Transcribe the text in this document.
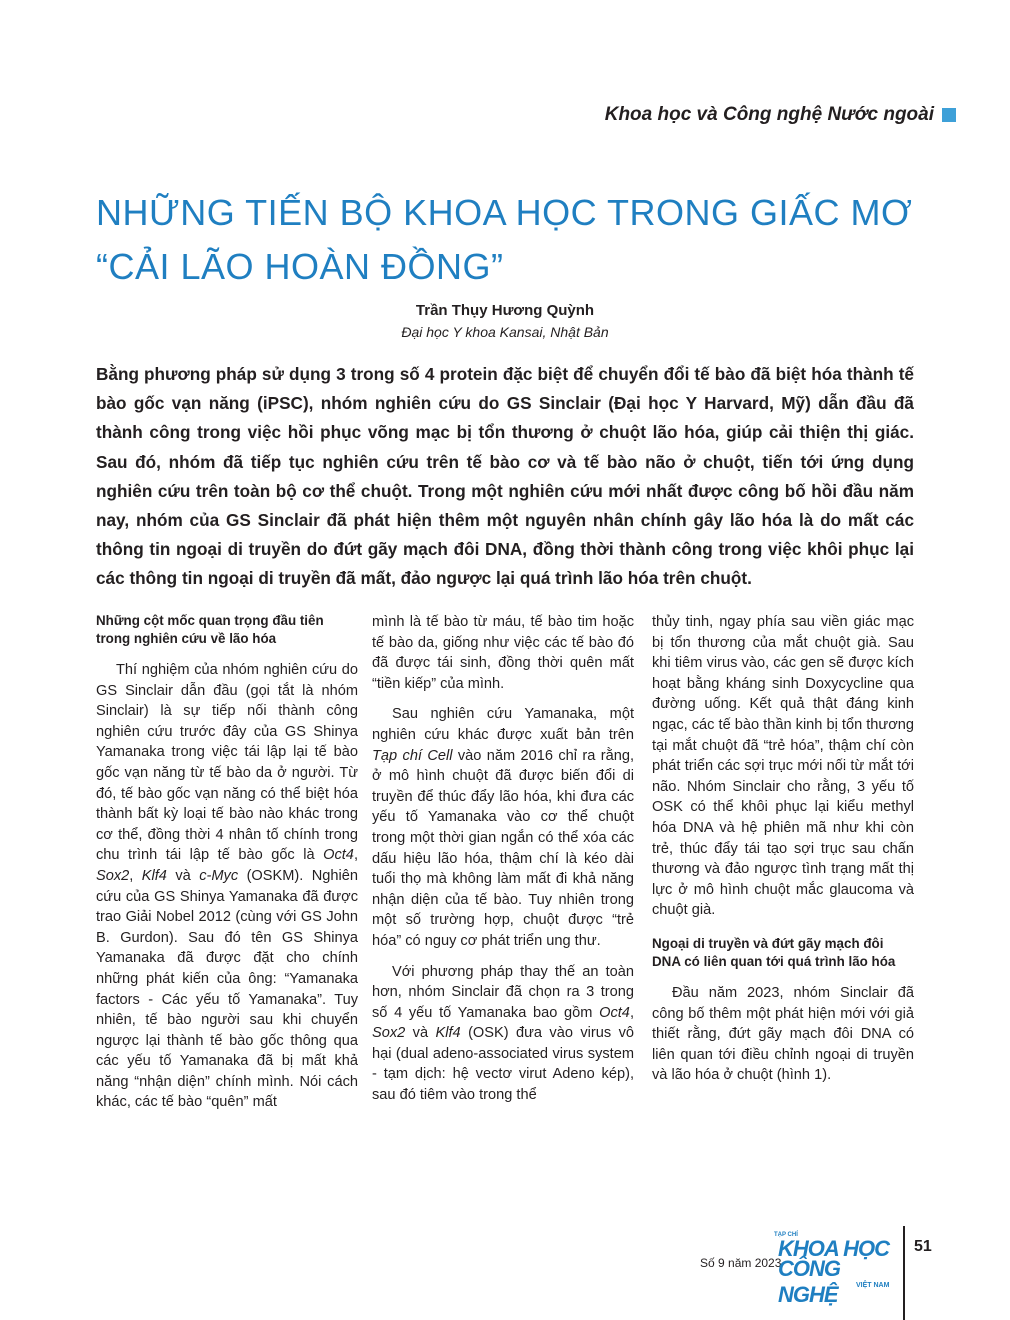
Khoa học và Công nghệ Nước ngoài
NHỮNG TIẾN BỘ KHOA HỌC TRONG GIẤC MƠ
“CẢI LÃO HOÀN ĐỒNG”
Trần Thụy Hương Quỳnh
Đại học Y khoa Kansai, Nhật Bản

Bằng phương pháp sử dụng 3 trong số 4 protein đặc biệt để chuyển đổi tế bào đã biệt hóa thành tế bào gốc vạn năng (iPSC), nhóm nghiên cứu do GS Sinclair (Đại học Y Harvard, Mỹ) dẫn đầu đã thành công trong việc hồi phục võng mạc bị tổn thương ở chuột lão hóa, giúp cải thiện thị giác. Sau đó, nhóm đã tiếp tục nghiên cứu trên tế bào cơ và tế bào não ở chuột, tiến tới ứng dụng nghiên cứu trên toàn bộ cơ thể chuột. Trong một nghiên cứu mới nhất được công bố hồi đầu năm nay, nhóm của GS Sinclair đã phát hiện thêm một nguyên nhân chính gây lão hóa là do mất các thông tin ngoại di truyền do đứt gãy mạch đôi DNA, đồng thời thành công trong việc khôi phục lại các thông tin ngoại di truyền đã mất, đảo ngược lại quá trình lão hóa trên chuột.

Những cột mốc quan trọng đầu tiên trong nghiên cứu về lão hóa

Thí nghiệm của nhóm nghiên cứu do GS Sinclair dẫn đầu (gọi tắt là nhóm Sinclair) là sự tiếp nối thành công nghiên cứu trước đây của GS Shinya Yamanaka trong việc tái lập lại tế bào gốc vạn năng từ tế bào da ở người. Từ đó, tế bào gốc vạn năng có thể biệt hóa thành bất kỳ loại tế bào nào khác trong cơ thể, đồng thời 4 nhân tố chính trong chu trình tái lập tế bào gốc là Oct4, Sox2, Klf4 và c-Myc (OSKM). Nghiên cứu của GS Shinya Yamanaka đã được trao Giải Nobel 2012 (cùng với GS John B. Gurdon). Sau đó tên GS Shinya Yamanaka đã được đặt cho chính những phát kiến của ông: “Yamanaka factors - Các yếu tố Yamanaka”. Tuy nhiên, tế bào người sau khi chuyển ngược lại thành tế bào gốc thông qua các yếu tố Yamanaka đã bị mất khả năng “nhận diện” chính mình. Nói cách khác, các tế bào “quên” mất

mình là tế bào từ máu, tế bào tim hoặc tế bào da, giống như việc các tế bào đó đã được tái sinh, đồng thời quên mất “tiền kiếp” của mình.

Sau nghiên cứu Yamanaka, một nghiên cứu khác được xuất bản trên Tạp chí Cell vào năm 2016 chỉ ra rằng, ở mô hình chuột đã được biến đổi di truyền để thúc đẩy lão hóa, khi đưa các yếu tố Yamanaka vào cơ thể chuột trong một thời gian ngắn có thể xóa các dấu hiệu lão hóa, thậm chí là kéo dài tuổi thọ mà không làm mất đi khả năng nhận diện của tế bào. Tuy nhiên trong một số trường hợp, chuột được “trẻ hóa” có nguy cơ phát triển ung thư.

Với phương pháp thay thế an toàn hơn, nhóm Sinclair đã chọn ra 3 trong số 4 yếu tố Yamanaka bao gồm Oct4, Sox2 và Klf4 (OSK) đưa vào virus vô hại (dual adeno-associated virus system - tạm dịch: hệ vectơ virut Adeno kép), sau đó tiêm vào trong thể

thủy tinh, ngay phía sau viền giác mạc bị tổn thương của mắt chuột già. Sau khi tiêm virus vào, các gen sẽ được kích hoạt bằng kháng sinh Doxycycline qua đường uống. Kết quả thật đáng kinh ngạc, các tế bào thần kinh bị tổn thương tại mắt chuột đã “trẻ hóa”, thậm chí còn phát triển các sợi trục mới nối từ mắt tới não. Nhóm Sinclair cho rằng, 3 yếu tố OSK có thể khôi phục lại kiểu methyl hóa DNA và hệ phiên mã như khi còn trẻ, thúc đẩy tái tạo sợi trục sau chấn thương và đảo ngược tình trạng mất thị lực ở mô hình chuột mắc glaucoma và chuột già.

Ngoại di truyền và đứt gãy mạch đôi DNA có liên quan tới quá trình lão hóa

Đầu năm 2023, nhóm Sinclair đã công bố thêm một phát hiện mới với giả thiết rằng, đứt gãy mạch đôi DNA có liên quan tới điều chỉnh ngoại di truyền và lão hóa ở chuột (hình 1).

Số 9 năm 2023
TẠP CHÍ
KHOA HỌC
CÔNG NGHỆ	VIỆT NAM
51
